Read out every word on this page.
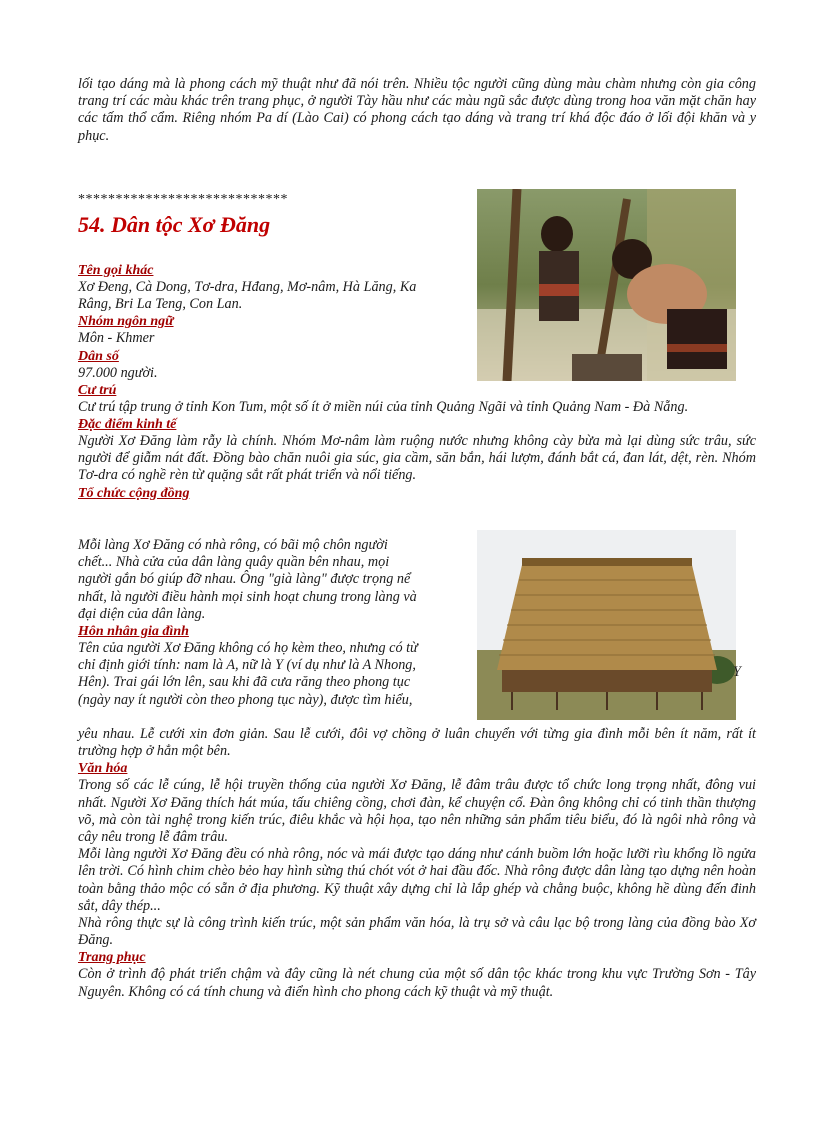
lối tạo dáng mà là phong cách mỹ thuật như đã nói trên. Nhiều tộc người cũng dùng màu chàm nhưng còn gia công trang trí các màu khác trên trang phục, ở người Tày hầu như các màu ngũ sắc được dùng trong hoa văn mặt chăn hay các tấm thổ cẩm. Riêng nhóm Pa dí (Lào Cai) có phong cách tạo dáng và trang trí khá độc đáo ở lối đội khăn và y phục.

****************************
54. Dân tộc Xơ Đăng
Tên gọi khác
Xơ Đeng, Cà Dong, Tơ-dra, Hđang, Mơ-nâm, Hà Lăng, Ka
Râng, Bri La Teng, Con Lan.
Nhóm ngôn ngữ
Môn - Khmer
Dân số
97.000 người.
Cư trú

Cư trú tập trung ở tỉnh Kon Tum, một số ít ở miền núi của tỉnh Quảng Ngãi và tỉnh Quảng Nam - Đà Nẵng.

Đặc điểm kinh tế

Người Xơ Đăng làm rẫy là chính. Nhóm Mơ-nâm làm ruộng nước nhưng không cày bừa mà lại dùng sức trâu, sức người để giẫm nát đất. Đồng bào chăn nuôi gia súc, gia cầm, săn bắn, hái lượm, đánh bắt cá, đan lát, dệt, rèn. Nhóm Tơ-dra có nghề rèn từ quặng sắt rất phát triển và nổi tiếng.

Tổ chức cộng đồng
Mỗi làng Xơ Đăng có nhà rông, có bãi mộ chôn người
chết... Nhà cửa của dân làng quây quần bên nhau, mọi
người gắn bó giúp đỡ nhau. Ông "già làng" được trọng nể
nhất, là người điều hành mọi sinh hoạt chung trong làng và
đại diện của dân làng.
Hôn nhân gia đình
Tên của người Xơ Đăng không có họ kèm theo, nhưng có từ
chỉ định giới tính: nam là A, nữ là Y (ví dụ như là A Nhong,
Hên). Trai gái lớn lên, sau khi đã cưa răng theo phong tục
(ngày nay ít người còn theo phong tục này), được tìm hiểu,
Y

yêu nhau. Lễ cưới xin đơn giản. Sau lễ cưới, đôi vợ chồng ở luân chuyển với từng gia đình mỗi bên ít năm, rất ít trường hợp ở hẳn một bên.

Văn hóa

Trong số các lễ cúng, lễ hội truyền thống của người Xơ Đăng, lễ đâm trâu được tổ chức long trọng nhất, đông vui nhất. Người Xơ Đăng thích hát múa, tấu chiêng cồng, chơi đàn, kể chuyện cổ. Đàn ông không chỉ có tinh thần thượng võ, mà còn tài nghệ trong kiến trúc, điêu khắc và hội họa, tạo nên những sản phẩm tiêu biểu, đó là ngôi nhà rông và cây nêu trong lễ đâm trâu.

Mỗi làng người Xơ Đăng đều có nhà rông, nóc và mái được tạo dáng như cánh buồm lớn hoặc lưỡi rìu khổng lồ ngửa lên trời. Có hình chim chèo bẻo hay hình sừng thú chót vót ở hai đầu đốc. Nhà rông được dân làng tạo dựng nên hoàn toàn bằng thảo mộc có sẵn ở địa phương. Kỹ thuật xây dựng chỉ là lắp ghép và chằng buộc, không hề dùng đến đinh sắt, dây thép...

Nhà rông thực sự là công trình kiến trúc, một sản phẩm văn hóa, là trụ sở và câu lạc bộ trong làng của đồng bào Xơ Đăng.

Trang phục

Còn ở trình độ phát triển chậm và đây cũng là nét chung của một số dân tộc khác trong khu vực Trường Sơn - Tây Nguyên. Không có cá tính chung và điển hình cho phong cách kỹ thuật và mỹ thuật.
